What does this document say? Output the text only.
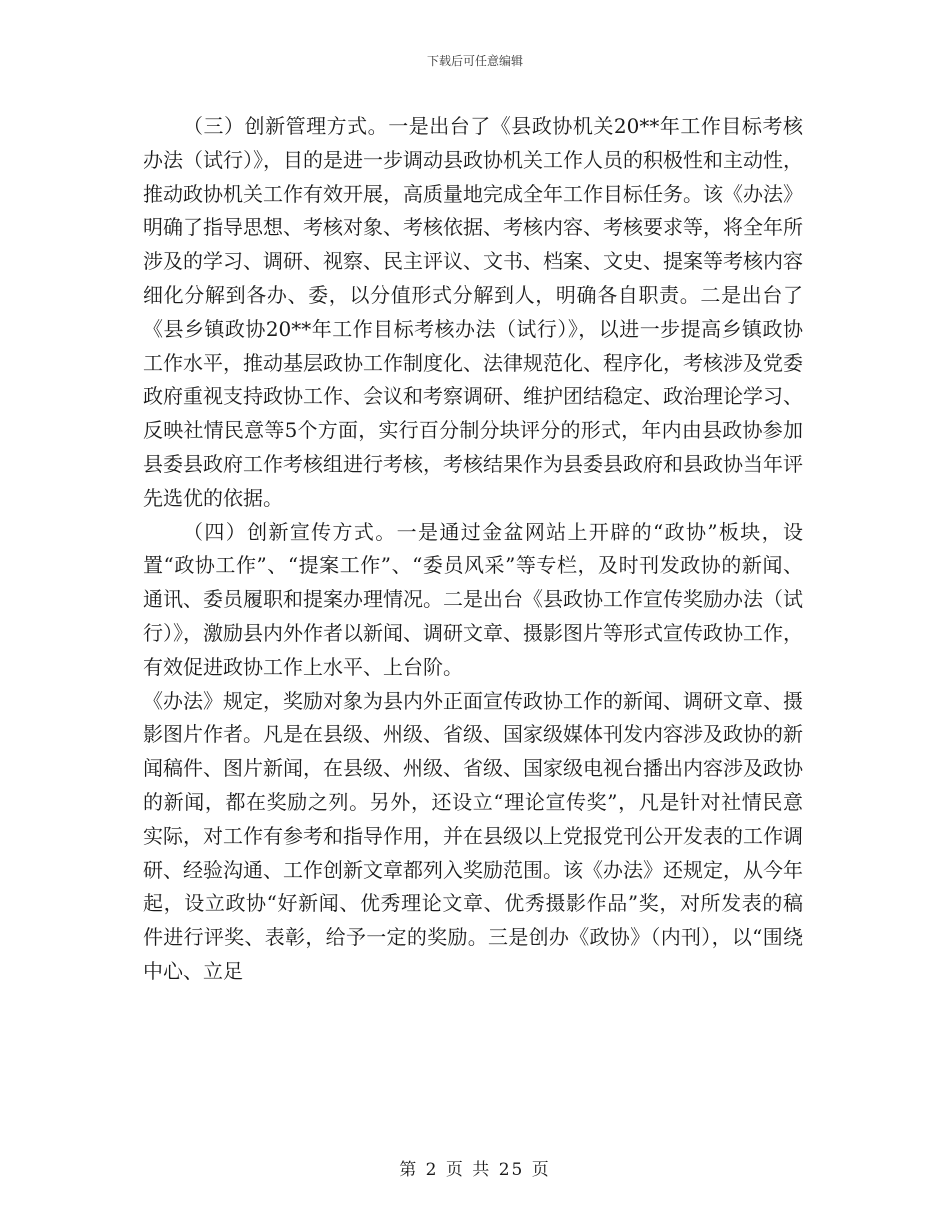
下载后可任意编辑

（三）创新管理方式。一是出台了《县政协机关20**年工作目标考核办法（试行）》，目的是进一步调动县政协机关工作人员的积极性和主动性，推动政协机关工作有效开展，高质量地完成全年工作目标任务。该《办法》明确了指导思想、考核对象、考核依据、考核内容、考核要求等，将全年所涉及的学习、调研、视察、民主评议、文书、档案、文史、提案等考核内容细化分解到各办、委，以分值形式分解到人，明确各自职责。二是出台了《县乡镇政协20**年工作目标考核办法（试行）》，以进一步提高乡镇政协工作水平，推动基层政协工作制度化、法律规范化、程序化，考核涉及党委政府重视支持政协工作、会议和考察调研、维护团结稳定、政治理论学习、反映社情民意等5个方面，实行百分制分块评分的形式，年内由县政协参加县委县政府工作考核组进行考核，考核结果作为县委县政府和县政协当年评先选优的依据。

（四）创新宣传方式。一是通过金盆网站上开辟的“政协”板块，设置“政协工作”、“提案工作”、“委员风采”等专栏，及时刊发政协的新闻、通讯、委员履职和提案办理情况。二是出台《县政协工作宣传奖励办法（试行）》，激励县内外作者以新闻、调研文章、摄影图片等形式宣传政协工作，有效促进政协工作上水平、上台阶。

《办法》规定，奖励对象为县内外正面宣传政协工作的新闻、调研文章、摄影图片作者。凡是在县级、州级、省级、国家级媒体刊发内容涉及政协的新闻稿件、图片新闻，在县级、州级、省级、国家级电视台播出内容涉及政协的新闻，都在奖励之列。另外，还设立“理论宣传奖”，凡是针对社情民意实际，对工作有参考和指导作用，并在县级以上党报党刊公开发表的工作调研、经验沟通、工作创新文章都列入奖励范围。该《办法》还规定，从今年起，设立政协“好新闻、优秀理论文章、优秀摄影作品”奖，对所发表的稿件进行评奖、表彰，给予一定的奖励。三是创办《政协》（内刊），以“围绕中心、立足

第 2 页 共 25 页
